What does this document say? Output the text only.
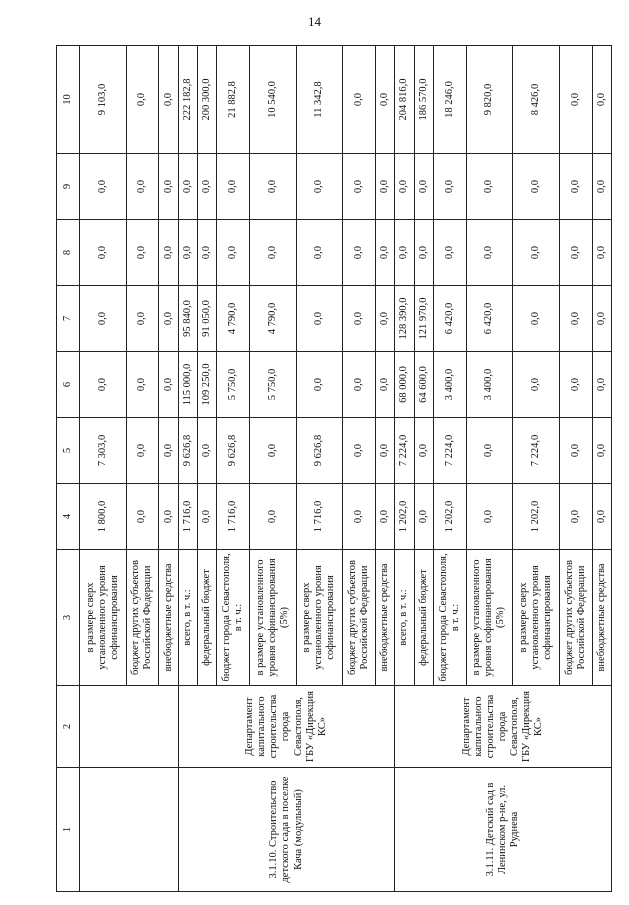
14
1	2	3	4	5	6	7	8	9	10
		в размере сверх установленного уровня софинансирования	1 800,0	7 303,0	0,0	0,0	0,0	0,0	9 103,0
		бюджет других субъектов Российской Федерации	0,0	0,0	0,0	0,0	0,0	0,0	0,0
		внебюджетные средства	0,0	0,0	0,0	0,0	0,0	0,0	0,0
3.1.10. Строительство детского сада в поселке Кача (модульный)	Департамент капитального строительства города Севастополя, ГБУ «Дирекция КС»	всего, в т. ч.:	1 716,0	9 626,8	115 000,0	95 840,0	0,0	0,0	222 182,8
		федеральный бюджет	0,0	0,0	109 250,0	91 050,0	0,0	0,0	200 300,0
		бюджет города Севастополя, в т. ч.:	1 716,0	9 626,8	5 750,0	4 790,0	0,0	0,0	21 882,8
		в размере установленного уровня софинансирования (5%)	0,0	0,0	5 750,0	4 790,0	0,0	0,0	10 540,0
		в размере сверх установленного уровня софинансирования	1 716,0	9 626,8	0,0	0,0	0,0	0,0	11 342,8
		бюджет других субъектов Российской Федерации	0,0	0,0	0,0	0,0	0,0	0,0	0,0
		внебюджетные средства	0,0	0,0	0,0	0,0	0,0	0,0	0,0
3.1.11. Детский сад в Ленинском р-не, ул. Руднева	Департамент капитального строительства города Севастополя, ГБУ «Дирекция КС»	всего, в т. ч.:	1 202,0	7 224,0	68 000,0	128 390,0	0,0	0,0	204 816,0
		федеральный бюджет	0,0	0,0	64 600,0	121 970,0	0,0	0,0	186 570,0
		бюджет города Севастополя, в т. ч.:	1 202,0	7 224,0	3 400,0	6 420,0	0,0	0,0	18 246,0
		в размере установленного уровня софинансирования (5%)	0,0	0,0	3 400,0	6 420,0	0,0	0,0	9 820,0
		в размере сверх установленного уровня софинансирования	1 202,0	7 224,0	0,0	0,0	0,0	0,0	8 426,0
		бюджет других субъектов Российской Федерации	0,0	0,0	0,0	0,0	0,0	0,0	0,0
		внебюджетные средства	0,0	0,0	0,0	0,0	0,0	0,0	0,0
